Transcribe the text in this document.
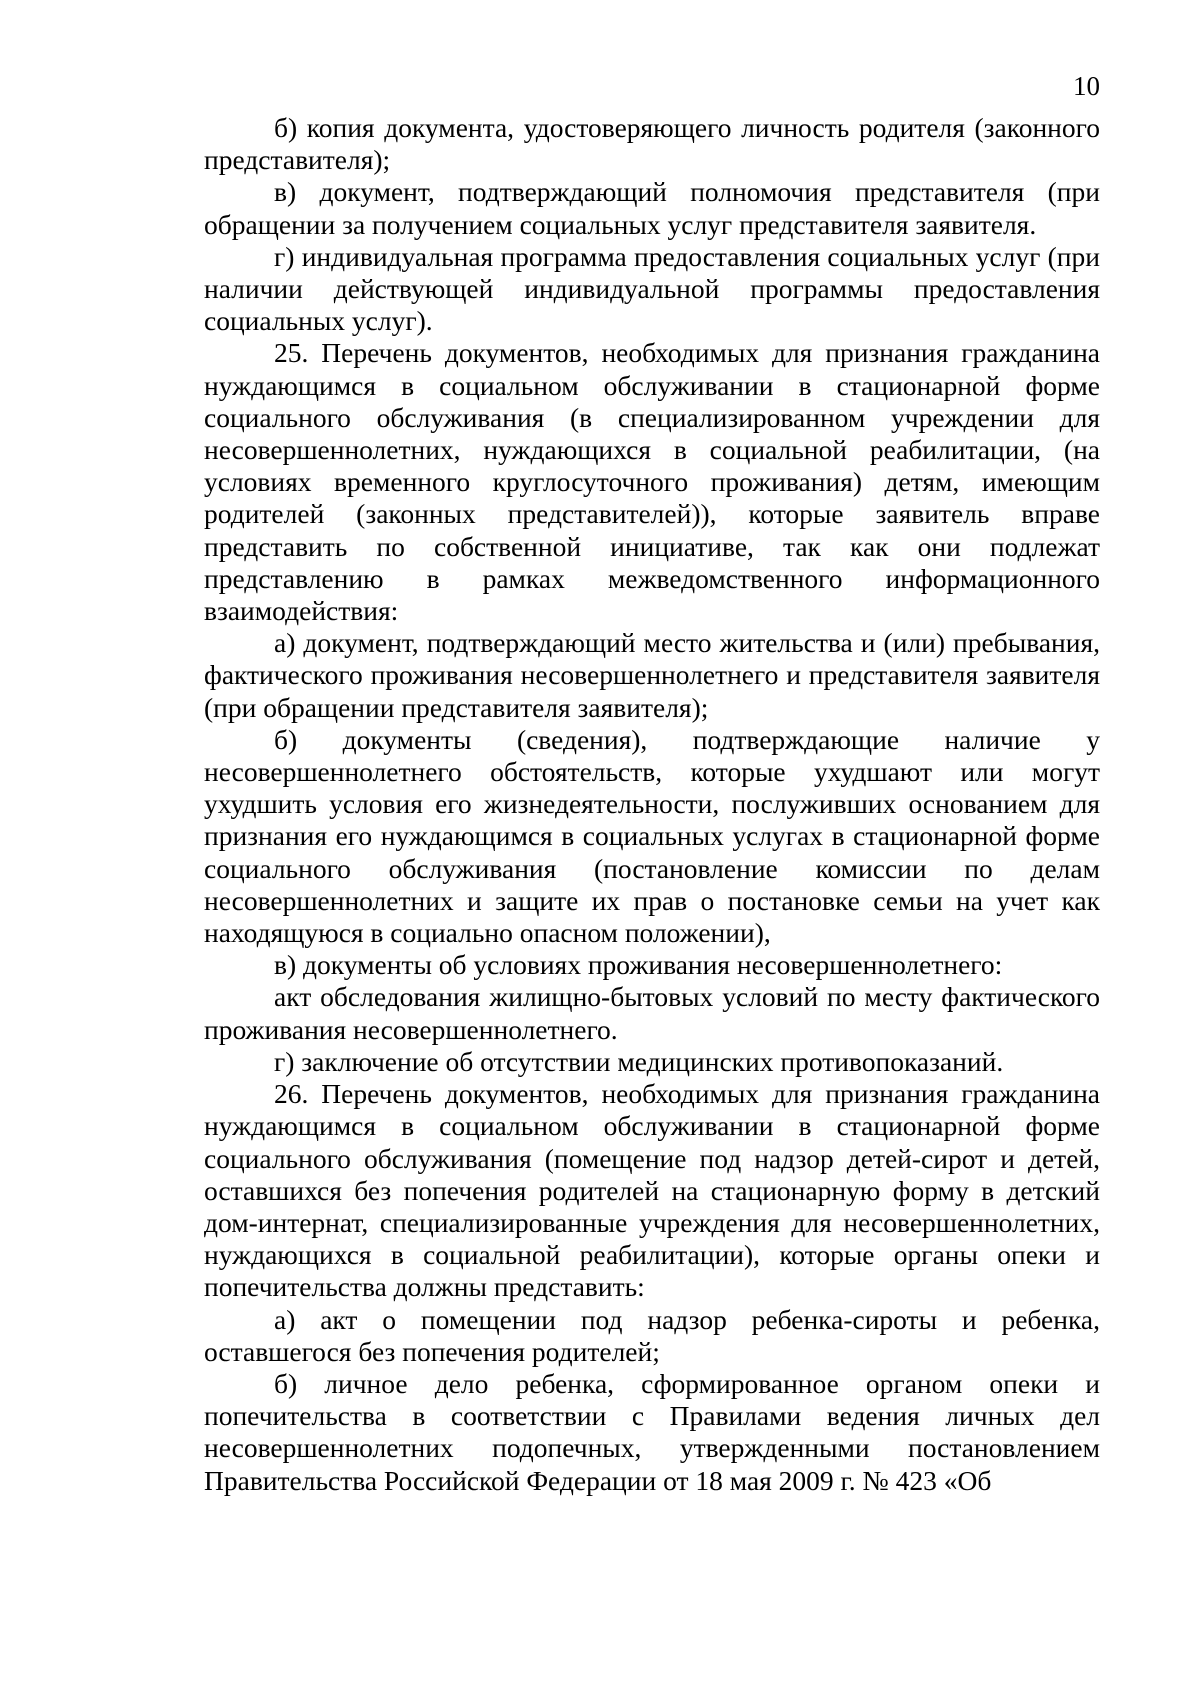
10

б) копия документа, удостоверяющего личность родителя (законного представителя);

в) документ, подтверждающий полномочия представителя (при обращении за получением социальных услуг представителя заявителя.

г) индивидуальная программа предоставления социальных услуг (при наличии действующей индивидуальной программы предоставления социальных услуг).

25. Перечень документов, необходимых для признания гражданина нуждающимся в социальном обслуживании в стационарной форме социального обслуживания (в специализированном учреждении для несовершеннолетних, нуждающихся в социальной реабилитации, (на условиях временного круглосуточного проживания) детям, имеющим родителей (законных представителей)), которые заявитель вправе представить по собственной инициативе, так как они подлежат представлению в рамках межведомственного информационного взаимодействия:

а) документ, подтверждающий место жительства и (или) пребывания, фактического проживания несовершеннолетнего и представителя заявителя (при обращении представителя заявителя);

б) документы (сведения), подтверждающие наличие у несовершеннолетнего обстоятельств, которые ухудшают или могут ухудшить условия его жизнедеятельности, послуживших основанием для признания его нуждающимся в социальных услугах в стационарной форме социального обслуживания (постановление комиссии по делам несовершеннолетних и защите их прав о постановке семьи на учет как находящуюся в социально опасном положении),

в) документы об условиях проживания несовершеннолетнего:

акт обследования жилищно-бытовых условий по месту фактического проживания несовершеннолетнего.

г) заключение об отсутствии медицинских противопоказаний.

26. Перечень документов, необходимых для признания гражданина нуждающимся в социальном обслуживании в стационарной форме социального обслуживания (помещение под надзор детей-сирот и детей, оставшихся без попечения родителей на стационарную форму в детский дом-интернат, специализированные учреждения для несовершеннолетних, нуждающихся в социальной реабилитации), которые органы опеки и попечительства должны представить:

а) акт о помещении под надзор ребенка-сироты и ребенка, оставшегося без попечения родителей;

б) личное дело ребенка, сформированное органом опеки и попечительства в соответствии с Правилами ведения личных дел несовершеннолетних подопечных, утвержденными постановлением Правительства Российской Федерации от 18 мая 2009 г. № 423 «Об
